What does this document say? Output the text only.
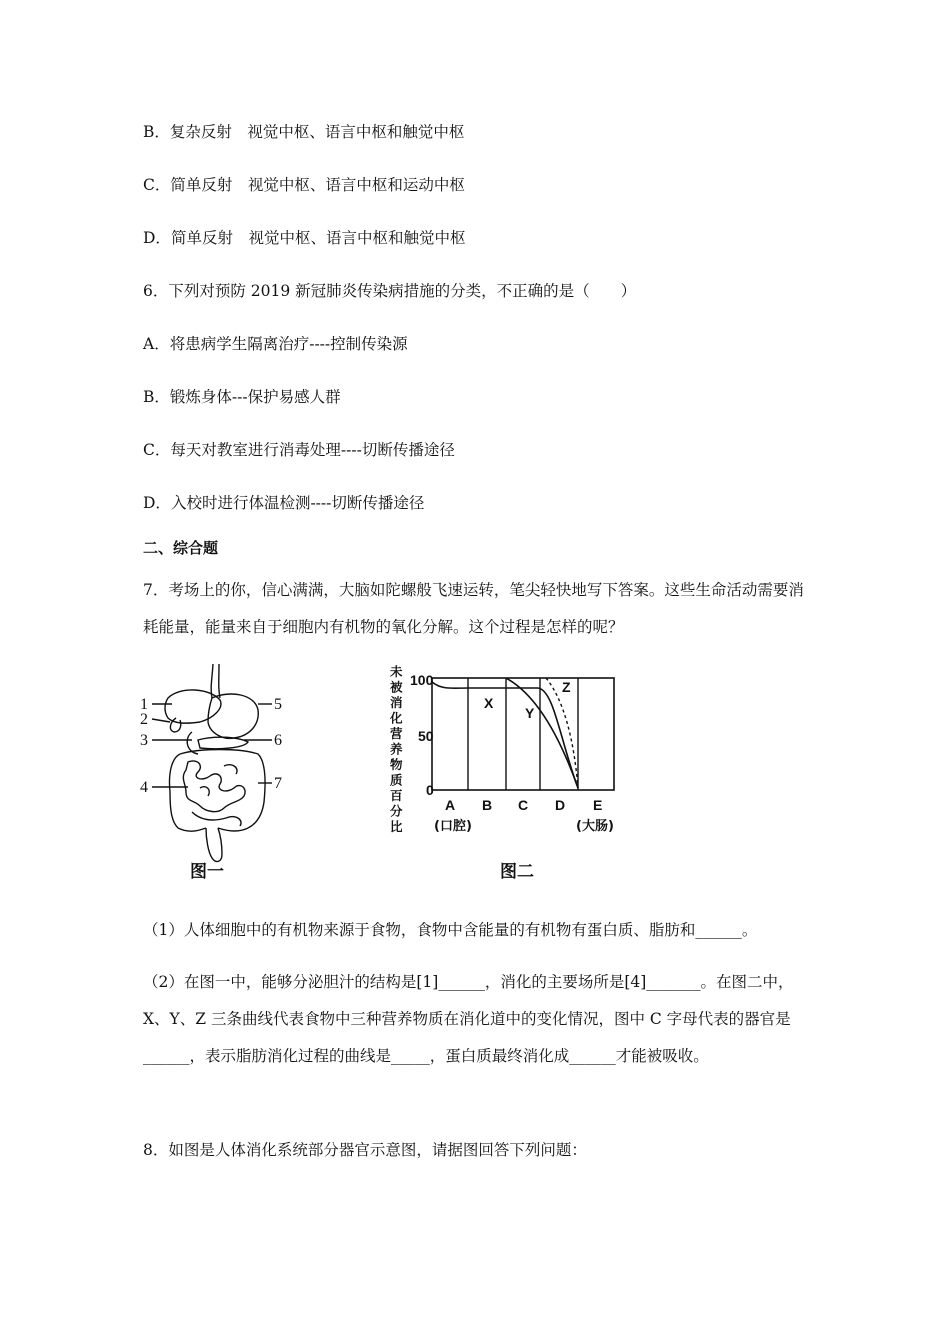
B．复杂反射　视觉中枢、语言中枢和触觉中枢
C．简单反射　视觉中枢、语言中枢和运动中枢
D．简单反射　视觉中枢、语言中枢和触觉中枢
6．下列对预防 2019 新冠肺炎传染病措施的分类，不正确的是（　　）
A．将患病学生隔离治疗----控制传染源
B．锻炼身体---保护易感人群
C．每天对教室进行消毒处理----切断传播途径
D．入校时进行体温检测----切断传播途径
二、综合题
7．考场上的你，信心满满，大脑如陀螺般飞速运转，笔尖轻快地写下答案。这些生命活动需要消耗能量，能量来自于细胞内有机物的氧化分解。这个过程是怎样的呢？
1
2
3
4
5
6
7
图一
未
被
消
化
营
养
物
质
百
分
比
100
50
0
X
Y
Z
A B C D E
(口腔)	(大肠)
图二
（1）人体细胞中的有机物来源于食物，食物中含能量的有机物有蛋白质、脂肪和______。
（2）在图一中，能够分泌胆汁的结构是[1]______，消化的主要场所是[4]_______。在图二中，X、Y、Z 三条曲线代表食物中三种营养物质在消化道中的变化情况，图中 C 字母代表的器官是______，表示脂肪消化过程的曲线是_____，蛋白质最终消化成______才能被吸收。
8．如图是人体消化系统部分器官示意图，请据图回答下列问题：
